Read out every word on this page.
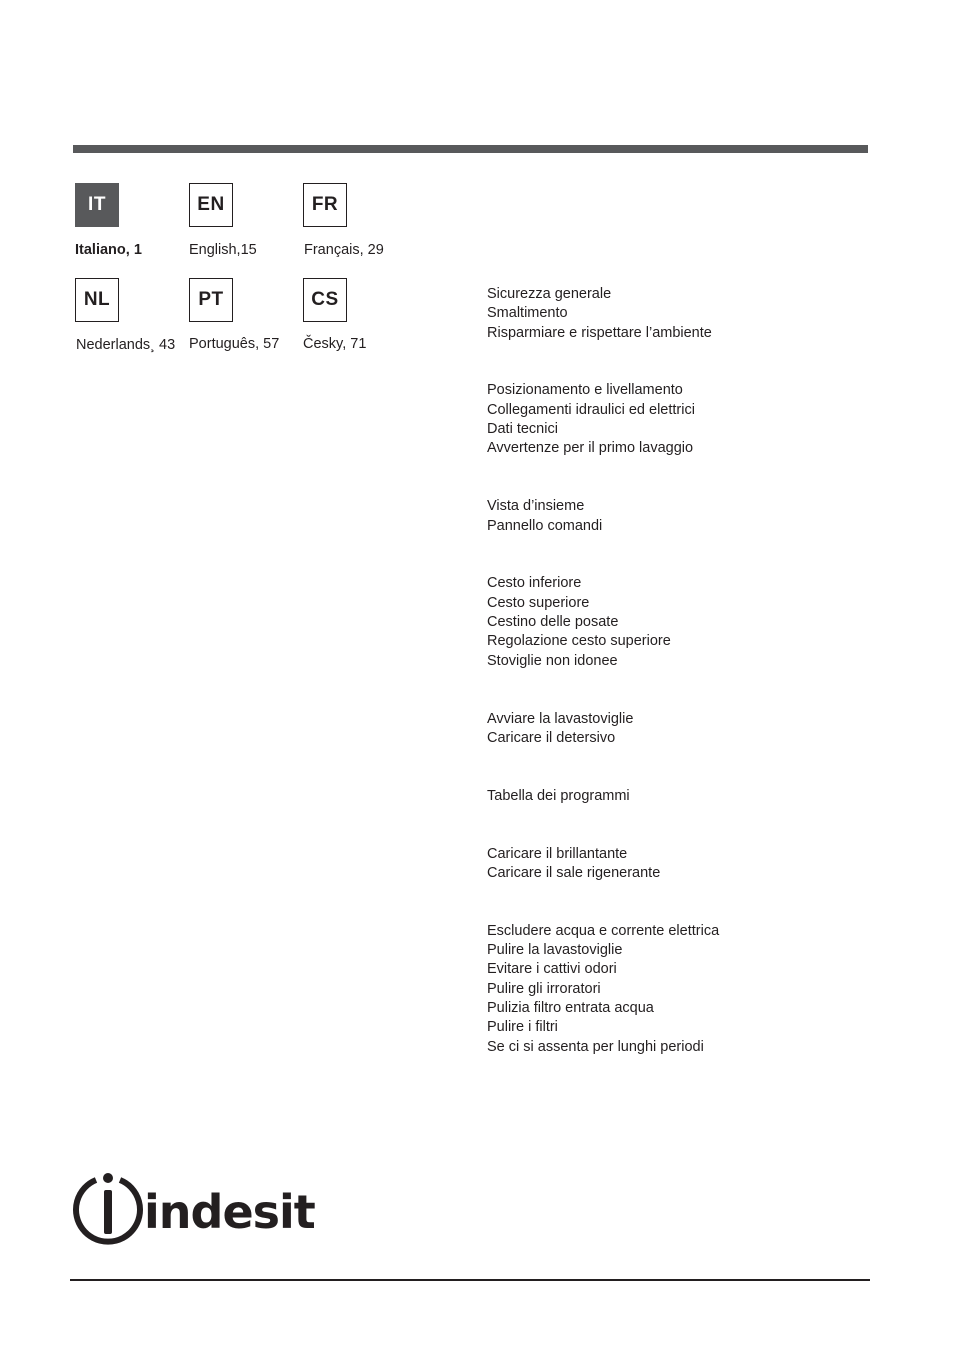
IT	EN	FR
Italiano, 1	English,15	Français, 29
NL	PT	CS
Nederlands¸ 43 Português, 57 Česky, 71
Sicurezza generale
Smaltimento
Risparmiare e rispettare l’ambiente
Posizionamento e livellamento
Collegamenti idraulici ed elettrici
Dati tecnici
Avvertenze per il primo lavaggio
Vista d’insieme
Pannello comandi
Cesto inferiore
Cesto superiore
Cestino delle posate
Regolazione cesto superiore
Stoviglie non idonee
Avviare la lavastoviglie
Caricare il detersivo
Tabella dei programmi
Caricare il brillantante
Caricare il sale rigenerante
Escludere acqua e corrente elettrica
Pulire la lavastoviglie
Evitare i cattivi odori
Pulire gli irroratori
Pulizia filtro entrata acqua
Pulire i filtri
Se ci si assenta per lunghi periodi
indesit
